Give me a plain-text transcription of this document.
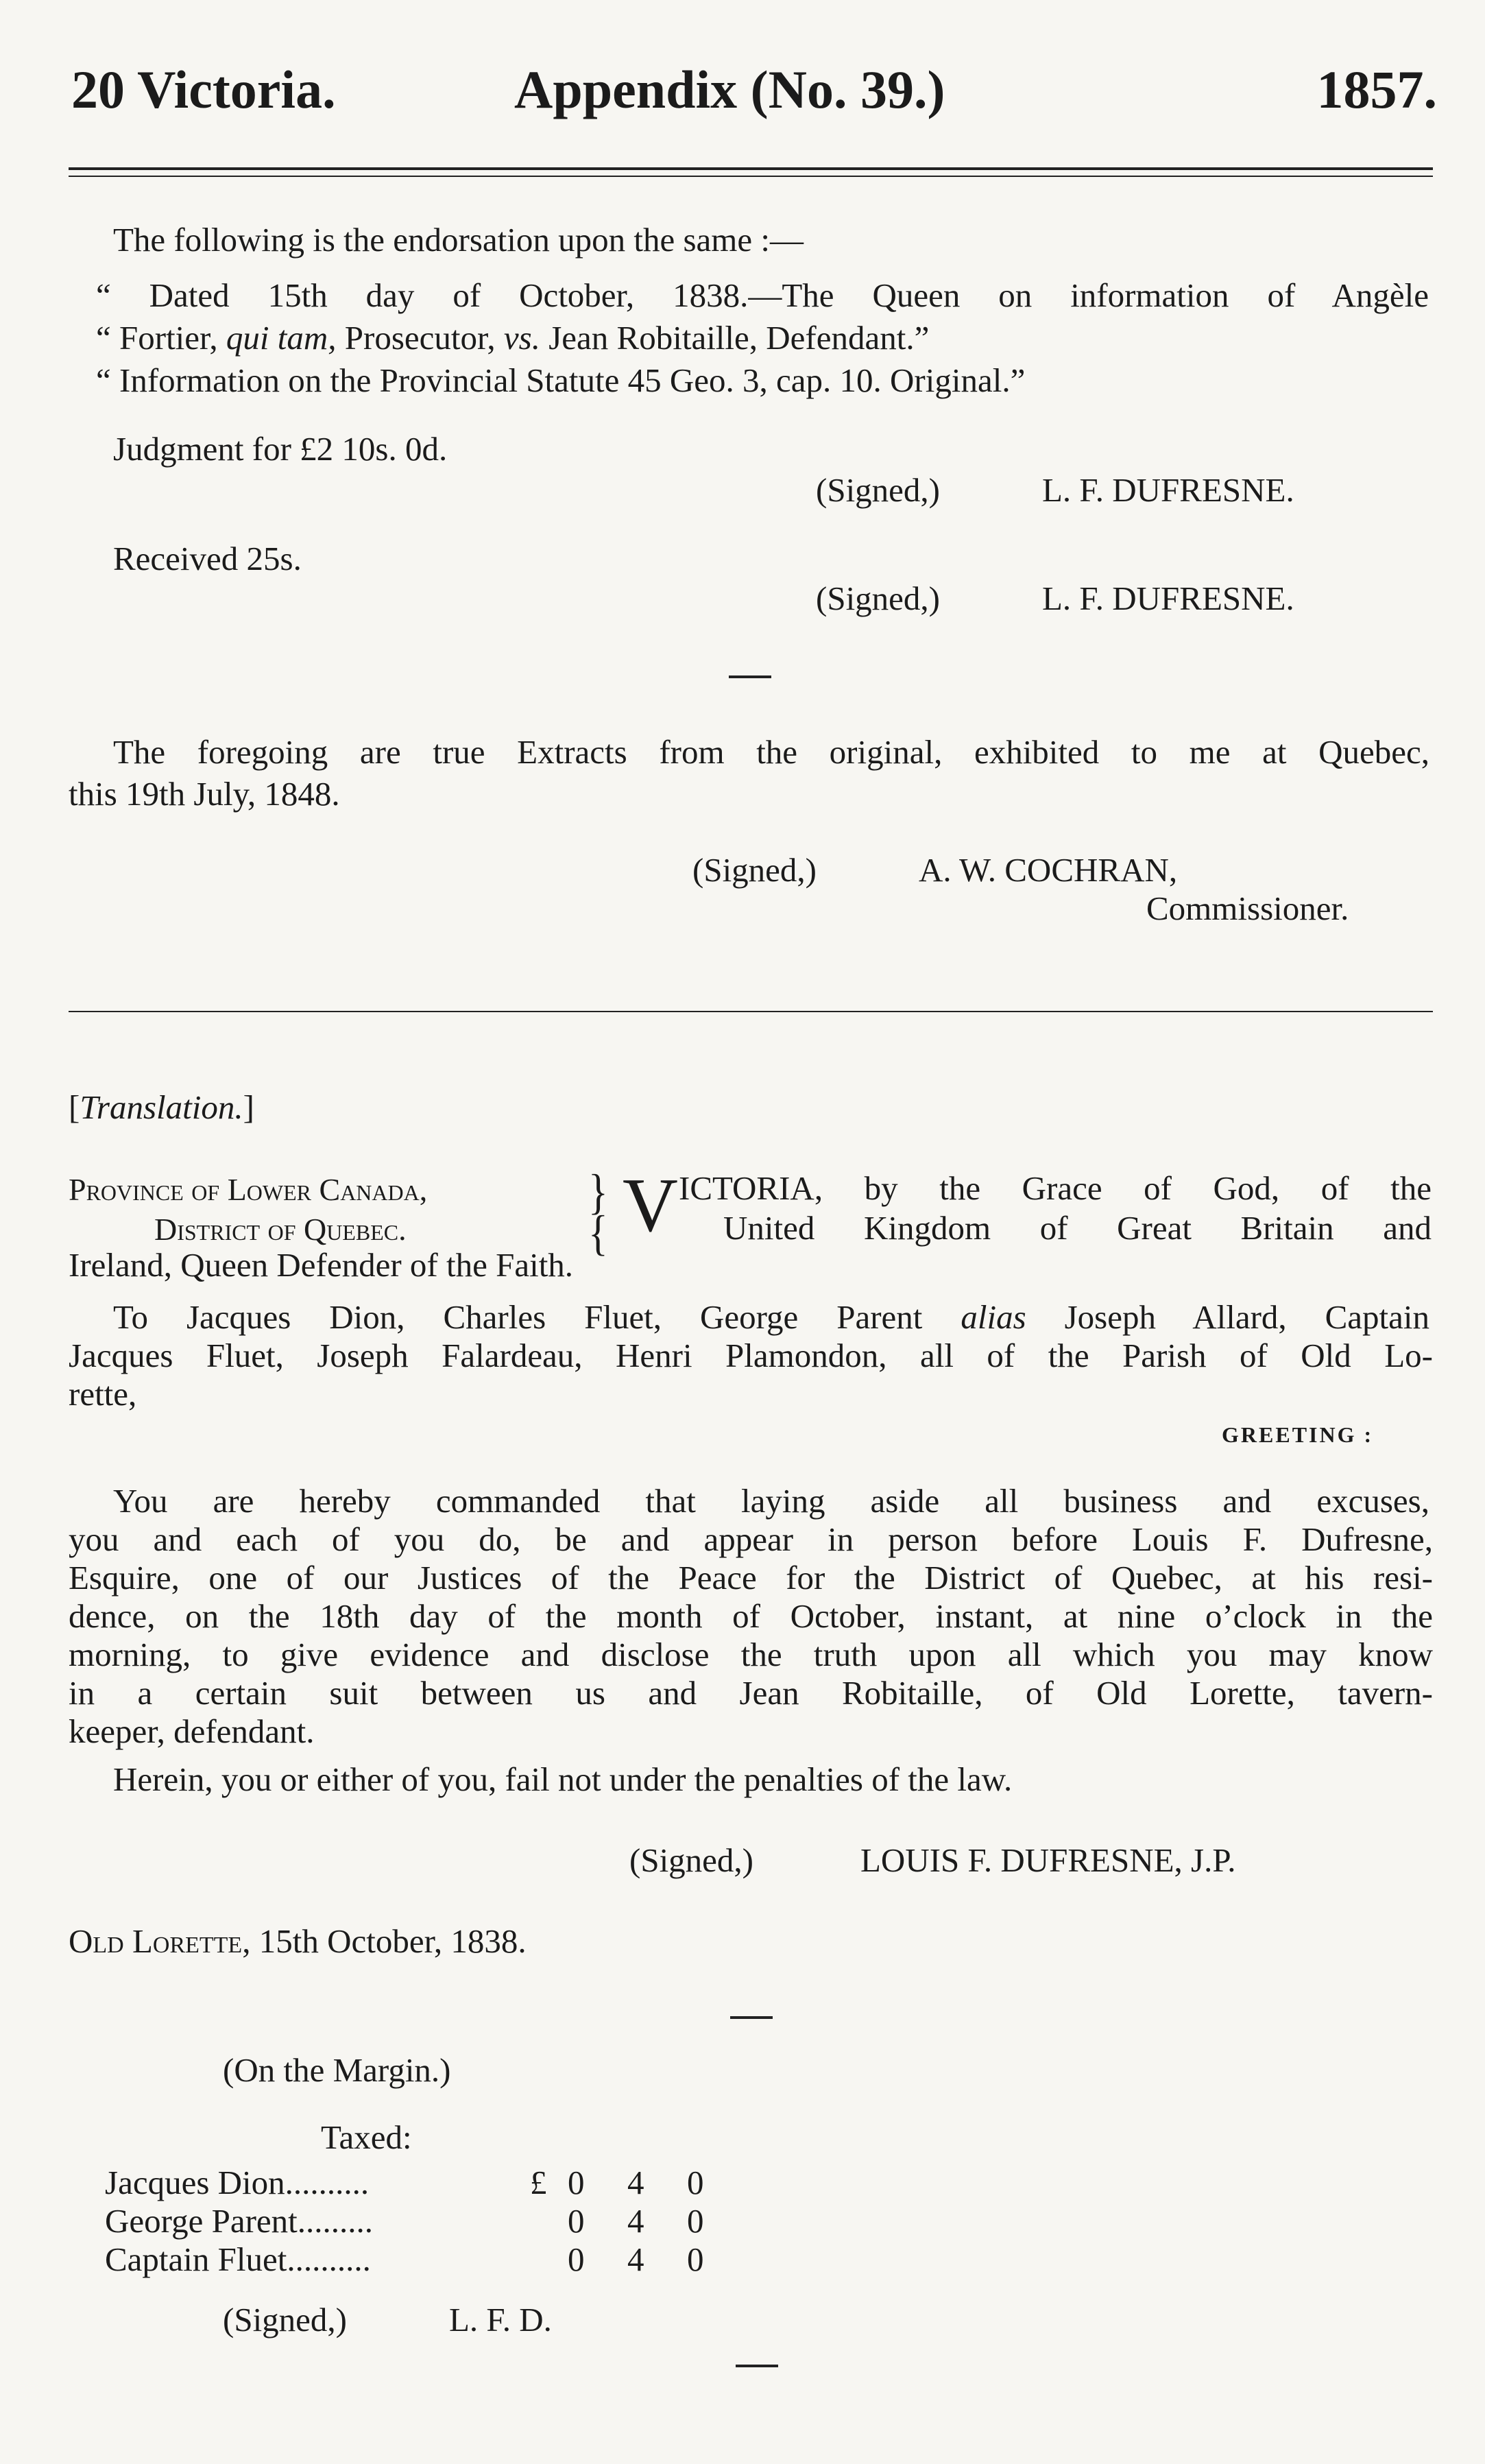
20 Victoria.	Appendix (No. 39.)	1857.
The following is the endorsation upon the same :—
“ Dated 15th day of October, 1838.—The Queen on information of Angèle
“ Fortier, qui tam, Prosecutor, vs. Jean Robitaille, Defendant.”
“ Information on the Provincial Statute 45 Geo. 3, cap. 10. Original.”
Judgment for £2 10s. 0d.
(Signed,)	L. F. DUFRESNE.
Received 25s.
(Signed,)	L. F. DUFRESNE.
The foregoing are true Extracts from the original, exhibited to me at Quebec,
this 19th July, 1848.
(Signed,)	A. W. COCHRAN,
Commissioner.
[Translation.]
Province of Lower Canada,
District of Quebec.
}
{ V ICTORIA, by the Grace of God, of the
United Kingdom of Great Britain and
Ireland, Queen Defender of the Faith.
To Jacques Dion, Charles Fluet, George Parent alias Joseph Allard, Captain
Jacques Fluet, Joseph Falardeau, Henri Plamondon, all of the Parish of Old Lo-
rette,
GREETING :
You are hereby commanded that laying aside all business and excuses,
you and each of you do, be and appear in person before Louis F. Dufresne,
Esquire, one of our Justices of the Peace for the District of Quebec, at his resi-
dence, on the 18th day of the month of October, instant, at nine o’clock in the
morning, to give evidence and disclose the truth upon all which you may know
in a certain suit between us and Jean Robitaille, of Old Lorette, tavern-
keeper, defendant.
Herein, you or either of you, fail not under the penalties of the law.
(Signed,)	LOUIS F. DUFRESNE, J.P.
Old Lorette, 15th October, 1838.
(On the Margin.)
Taxed:
Jacques Dion..........	£ 0 4 0
George Parent.........	0 4 0
Captain Fluet..........	0 4 0
(Signed,)	L. F. D.
